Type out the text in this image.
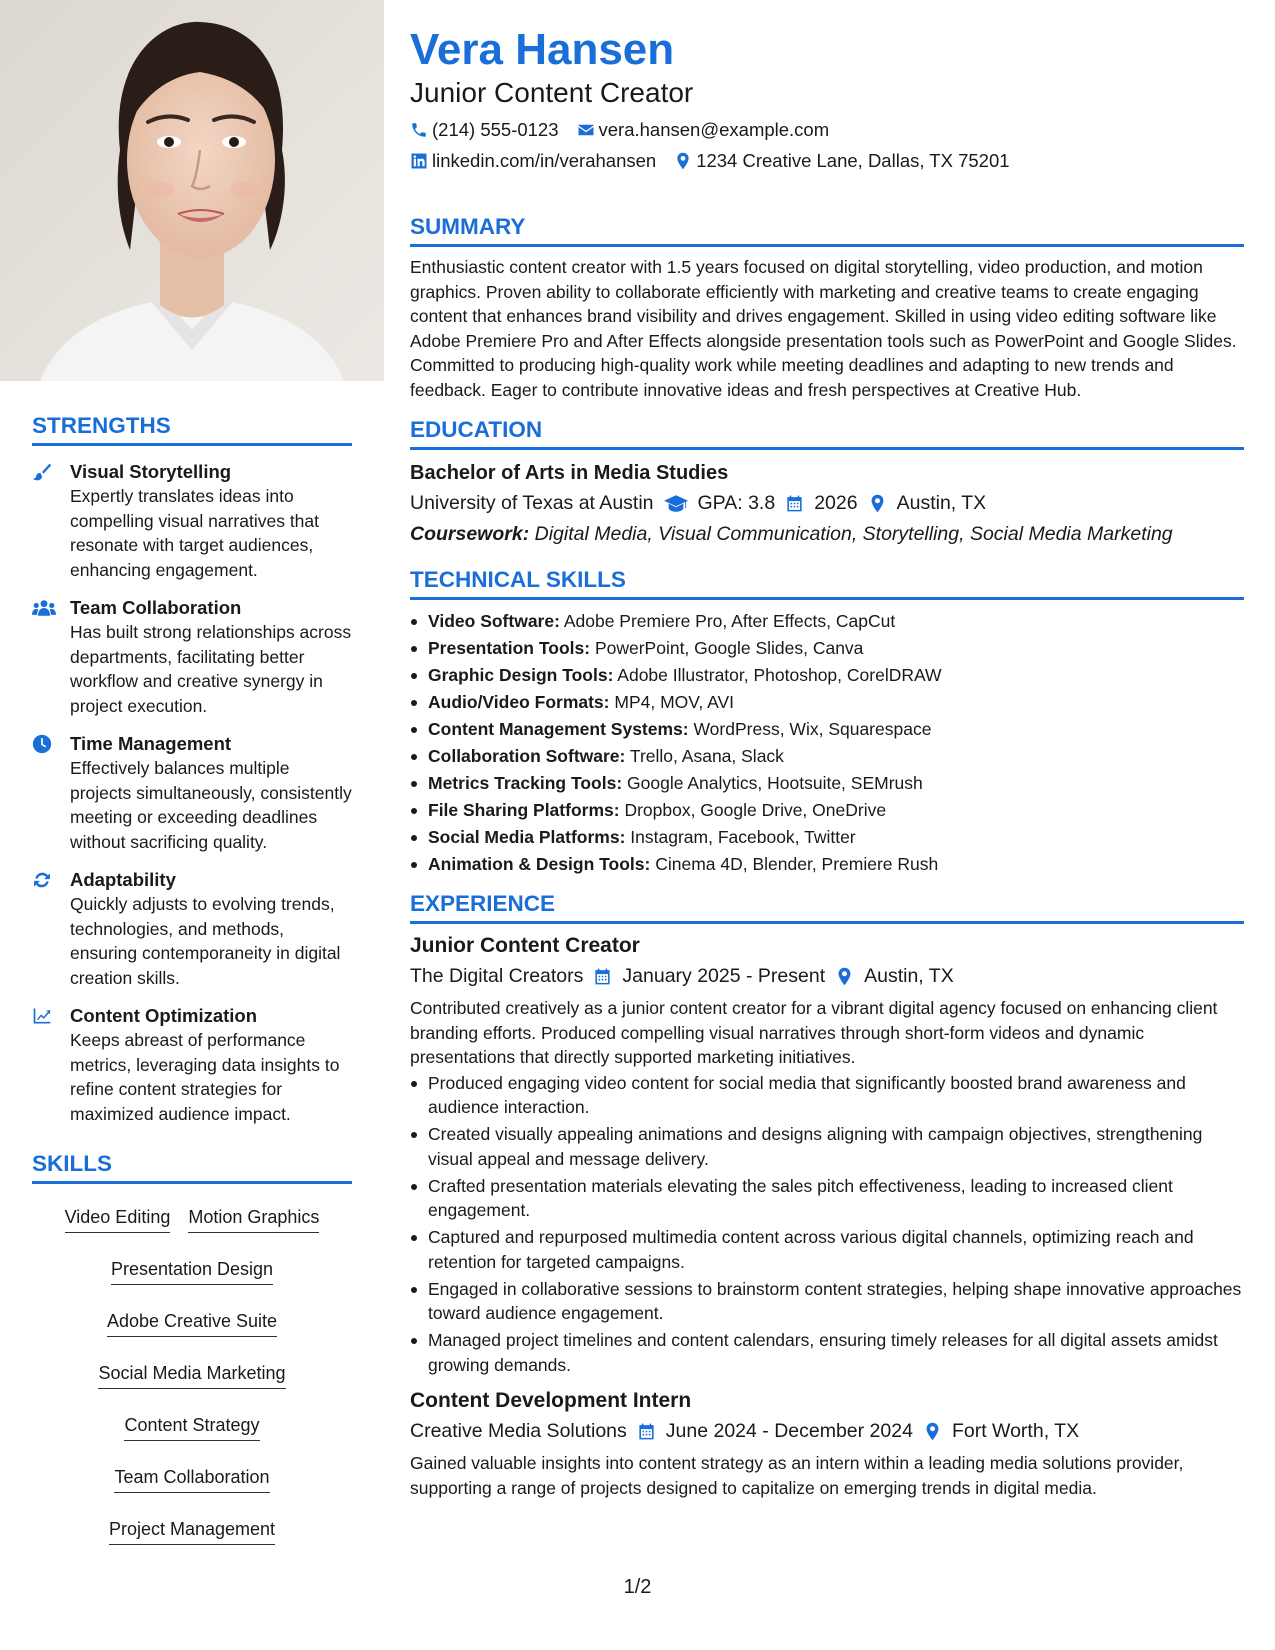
STRENGTHS
Visual Storytelling
Expertly translates ideas into compelling visual narratives that resonate with target audiences, enhancing engagement.
Team Collaboration
Has built strong relationships across departments, facilitating better workflow and creative synergy in project execution.
Time Management
Effectively balances multiple projects simultaneously, consistently meeting or exceeding deadlines without sacrificing quality.
Adaptability
Quickly adjusts to evolving trends, technologies, and methods, ensuring contemporaneity in digital creation skills.
Content Optimization
Keeps abreast of performance metrics, leveraging data insights to refine content strategies for maximized audience impact.
SKILLS
Video Editing Motion Graphics
Presentation Design
Adobe Creative Suite
Social Media Marketing
Content Strategy
Team Collaboration
Project Management
Vera Hansen
Junior Content Creator
(214) 555-0123 vera.hansen@example.com
linkedin.com/in/verahansen 1234 Creative Lane, Dallas, TX 75201
SUMMARY
Enthusiastic content creator with 1.5 years focused on digital storytelling, video production, and motion graphics. Proven ability to collaborate efficiently with marketing and creative teams to create engaging content that enhances brand visibility and drives engagement. Skilled in using video editing software like Adobe Premiere Pro and After Effects alongside presentation tools such as PowerPoint and Google Slides. Committed to producing high-quality work while meeting deadlines and adapting to new trends and feedback. Eager to contribute innovative ideas and fresh perspectives at Creative Hub.
EDUCATION
Bachelor of Arts in Media Studies
University of Texas at Austin GPA: 3.8 2026 Austin, TX
Coursework: Digital Media, Visual Communication, Storytelling, Social Media Marketing
TECHNICAL SKILLS
Video Software: Adobe Premiere Pro, After Effects, CapCut
Presentation Tools: PowerPoint, Google Slides, Canva
Graphic Design Tools: Adobe Illustrator, Photoshop, CorelDRAW
Audio/Video Formats: MP4, MOV, AVI
Content Management Systems: WordPress, Wix, Squarespace
Collaboration Software: Trello, Asana, Slack
Metrics Tracking Tools: Google Analytics, Hootsuite, SEMrush
File Sharing Platforms: Dropbox, Google Drive, OneDrive
Social Media Platforms: Instagram, Facebook, Twitter
Animation & Design Tools: Cinema 4D, Blender, Premiere Rush
EXPERIENCE
Junior Content Creator
The Digital Creators January 2025 - Present Austin, TX
Contributed creatively as a junior content creator for a vibrant digital agency focused on enhancing client branding efforts. Produced compelling visual narratives through short-form videos and dynamic presentations that directly supported marketing initiatives.
Produced engaging video content for social media that significantly boosted brand awareness and audience interaction.
Created visually appealing animations and designs aligning with campaign objectives, strengthening visual appeal and message delivery.
Crafted presentation materials elevating the sales pitch effectiveness, leading to increased client engagement.
Captured and repurposed multimedia content across various digital channels, optimizing reach and retention for targeted campaigns.
Engaged in collaborative sessions to brainstorm content strategies, helping shape innovative approaches toward audience engagement.
Managed project timelines and content calendars, ensuring timely releases for all digital assets amidst growing demands.
Content Development Intern
Creative Media Solutions June 2024 - December 2024 Fort Worth, TX
Gained valuable insights into content strategy as an intern within a leading media solutions provider, supporting a range of projects designed to capitalize on emerging trends in digital media.
1/2
